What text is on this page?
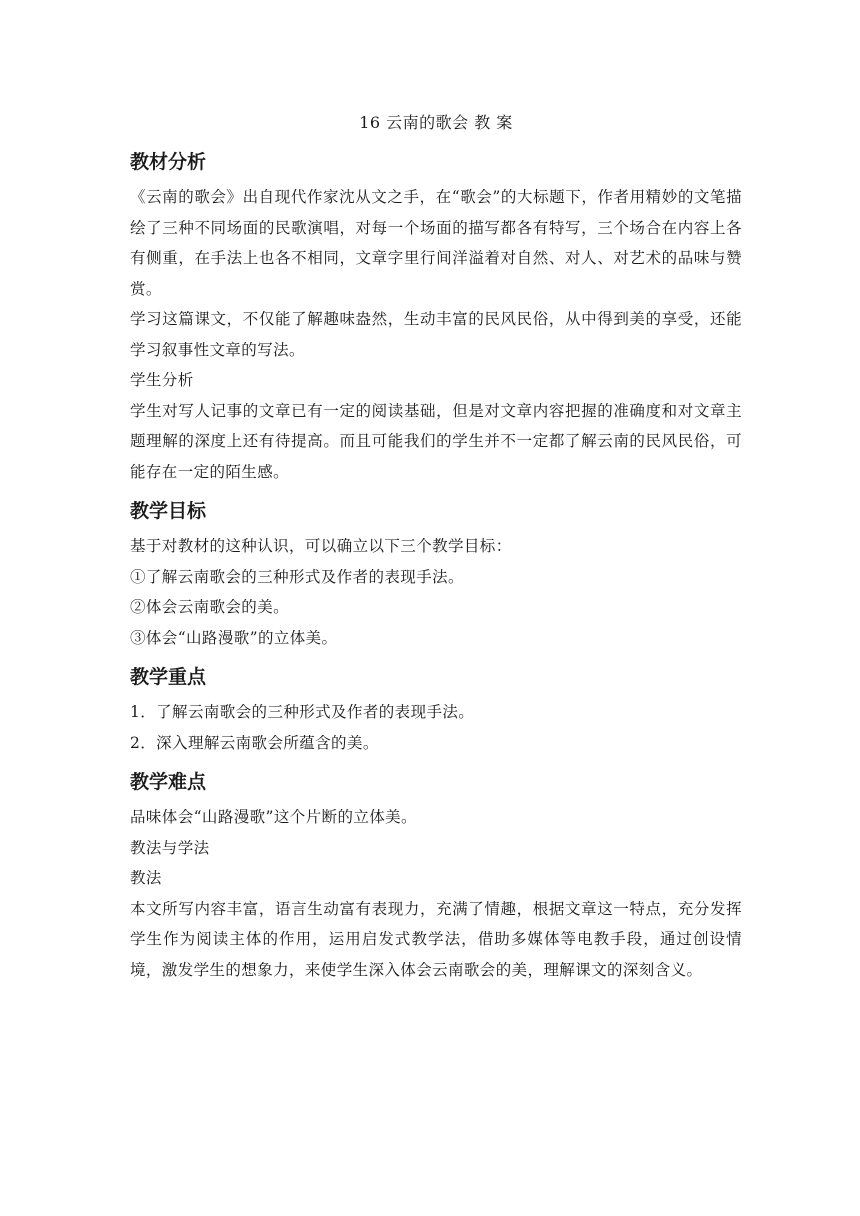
16 云南的歌会 教 案
教材分析

《云南的歌会》出自现代作家沈从文之手，在“歌会”的大标题下，作者用精妙的文笔描绘了三种不同场面的民歌演唱，对每一个场面的描写都各有特写，三个场合在内容上各有侧重，在手法上也各不相同，文章字里行间洋溢着对自然、对人、对艺术的品味与赞赏。

学习这篇课文，不仅能了解趣味盎然，生动丰富的民风民俗，从中得到美的享受，还能学习叙事性文章的写法。

学生分析

学生对写人记事的文章已有一定的阅读基础，但是对文章内容把握的准确度和对文章主题理解的深度上还有待提高。而且可能我们的学生并不一定都了解云南的民风民俗，可能存在一定的陌生感。

教学目标

基于对教材的这种认识，可以确立以下三个教学目标：

①了解云南歌会的三种形式及作者的表现手法。

②体会云南歌会的美。

③体会“山路漫歌”的立体美。

教学重点

1．了解云南歌会的三种形式及作者的表现手法。

2．深入理解云南歌会所蕴含的美。

教学难点

品味体会“山路漫歌”这个片断的立体美。

教法与学法

教法

本文所写内容丰富，语言生动富有表现力，充满了情趣，根据文章这一特点，充分发挥学生作为阅读主体的作用，运用启发式教学法，借助多媒体等电教手段，通过创设情境，激发学生的想象力，来使学生深入体会云南歌会的美，理解课文的深刻含义。
